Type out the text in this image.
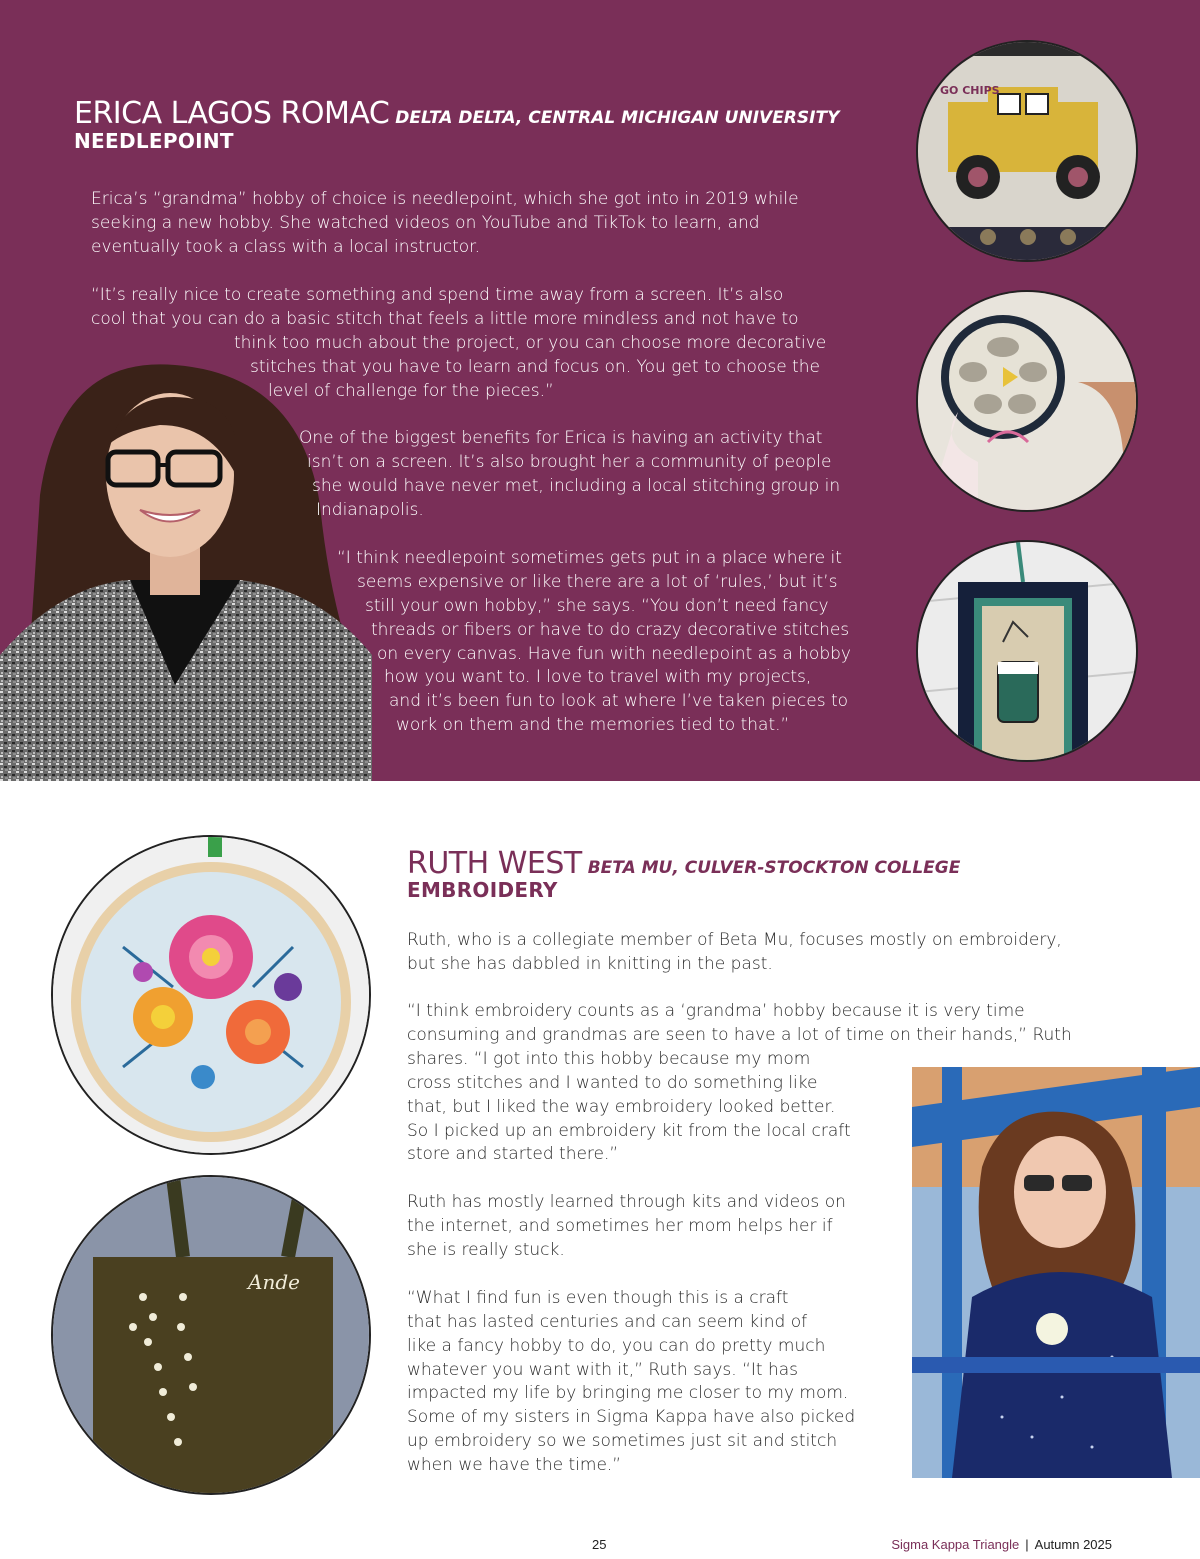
ERICA LAGOS ROMAC DELTA DELTA, CENTRAL MICHIGAN UNIVERSITY
NEEDLEPOINT

Erica’s “grandma” hobby of choice is needlepoint, which she got into in 2019 while

seeking a new hobby. She watched videos on YouTube and TikTok to learn, and

eventually took a class with a local instructor.

“It’s really nice to create something and spend time away from a screen. It’s also

cool that you can do a basic stitch that feels a little more mindless and not have to

think too much about the project, or you can choose more decorative

stitches that you have to learn and focus on. You get to choose the

level of challenge for the pieces.”

One of the biggest benefits for Erica is having an activity that

isn’t on a screen. It’s also brought her a community of people

she would have never met, including a local stitching group in

Indianapolis.

“I think needlepoint sometimes gets put in a place where it

seems expensive or like there are a lot of ‘rules,’ but it’s

still your own hobby,” she says. “You don’t need fancy

threads or fibers or have to do crazy decorative stitches

on every canvas. Have fun with needlepoint as a hobby

how you want to. I love to travel with my projects,

and it’s been fun to look at where I’ve taken pieces to

work on them and the memories tied to that.”

GO CHIPS
RUTH WEST BETA MU, CULVER-STOCKTON COLLEGE
EMBROIDERY

Ruth, who is a collegiate member of Beta Mu, focuses mostly on embroidery,

but she has dabbled in knitting in the past.

“I think embroidery counts as a ‘grandma’ hobby because it is very time

consuming and grandmas are seen to have a lot of time on their hands,” Ruth

shares. “I got into this hobby because my mom

cross stitches and I wanted to do something like

that, but I liked the way embroidery looked better.

So I picked up an embroidery kit from the local craft

store and started there.”

Ruth has mostly learned through kits and videos on

the internet, and sometimes her mom helps her if

she is really stuck.

“What I find fun is even though this is a craft

that has lasted centuries and can seem kind of

like a fancy hobby to do, you can do pretty much

whatever you want with it,” Ruth says. “It has

impacted my life by bringing me closer to my mom.

Some of my sisters in Sigma Kappa have also picked

up embroidery so we sometimes just sit and stitch

when we have the time.”

Ande
25	Sigma Kappa Triangle | Autumn 2025
